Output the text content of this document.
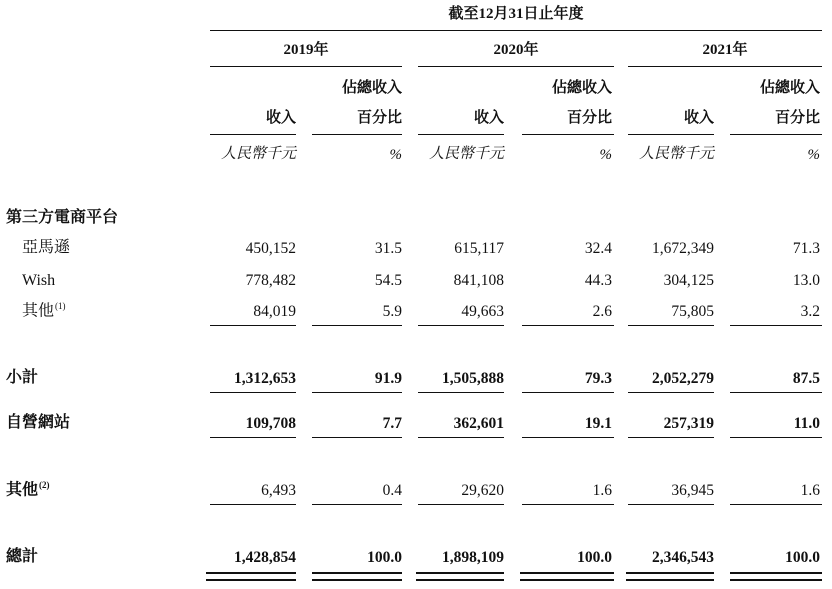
截至12月31日止年度
2019年	2020年	2021年
佔總收入	佔總收入	佔總收入
收入	百分比	收入	百分比	收入	百分比
人民幣千元	%	人民幣千元	%	人民幣千元	%
第三方電商平台
亞馬遜	450,152	31.5	615,117	32.4	1,672,349	71.3
Wish	778,482	54.5	841,108	44.3	304,125	13.0
其他$^{(1)}$	84,019	5.9	49,663	2.6	75,805	3.2
小計	1,312,653	91.9	1,505,888	79.3	2,052,279	87.5
自營網站	109,708	7.7	362,601	19.1	257,319	11.0
其他$^{(2)}$	6,493	0.4	29,620	1.6	36,945	1.6
總計	1,428,854	100.0	1,898,109	100.0	2,346,543	100.0
